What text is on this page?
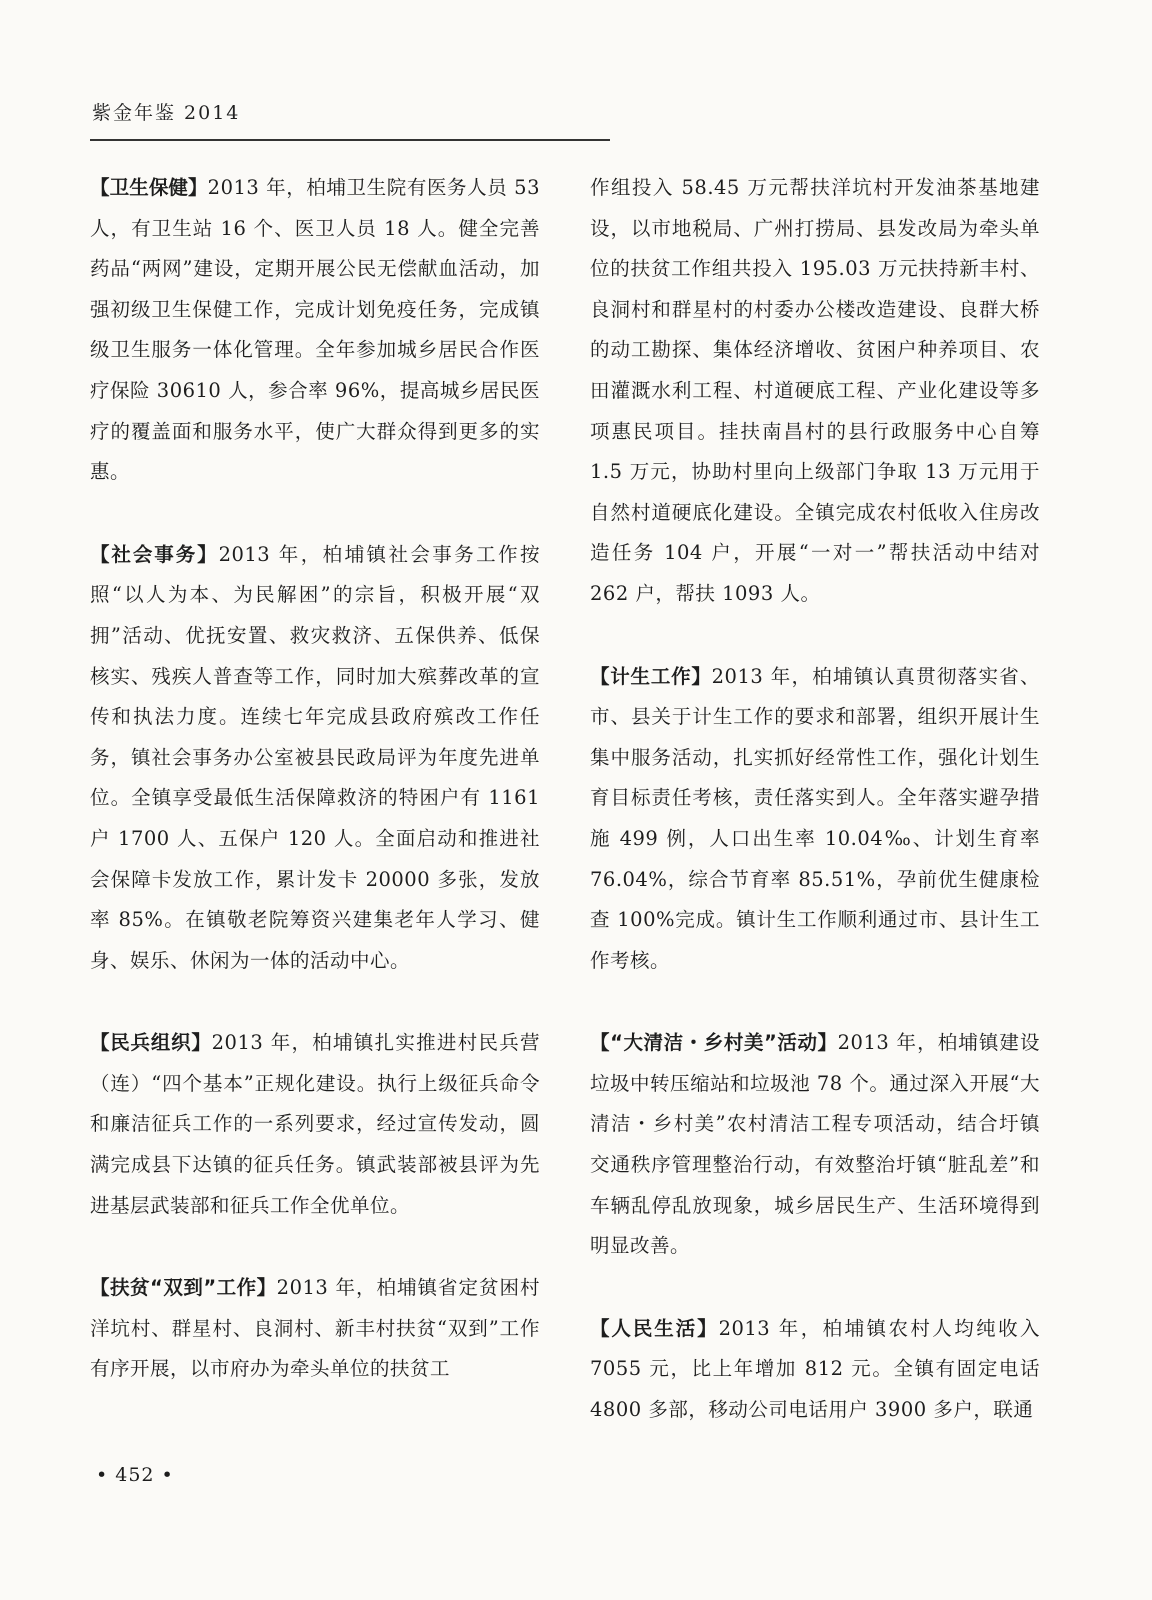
紫金年鉴 2014

【卫生保健】2013 年，柏埔卫生院有医务人员 53 人，有卫生站 16 个、医卫人员 18 人。健全完善药品“两网”建设，定期开展公民无偿献血活动，加强初级卫生保健工作，完成计划免疫任务，完成镇级卫生服务一体化管理。全年参加城乡居民合作医疗保险 30610 人，参合率 96%，提高城乡居民医疗的覆盖面和服务水平，使广大群众得到更多的实惠。

【社会事务】2013 年，柏埔镇社会事务工作按照“以人为本、为民解困”的宗旨，积极开展“双拥”活动、优抚安置、救灾救济、五保供养、低保核实、残疾人普查等工作，同时加大殡葬改革的宣传和执法力度。连续七年完成县政府殡改工作任务，镇社会事务办公室被县民政局评为年度先进单位。全镇享受最低生活保障救济的特困户有 1161 户 1700 人、五保户 120 人。全面启动和推进社会保障卡发放工作，累计发卡 20000 多张，发放率 85%。在镇敬老院筹资兴建集老年人学习、健身、娱乐、休闲为一体的活动中心。

【民兵组织】2013 年，柏埔镇扎实推进村民兵营（连）“四个基本”正规化建设。执行上级征兵命令和廉洁征兵工作的一系列要求，经过宣传发动，圆满完成县下达镇的征兵任务。镇武装部被县评为先进基层武装部和征兵工作全优单位。

【扶贫“双到”工作】2013 年，柏埔镇省定贫困村洋坑村、群星村、良洞村、新丰村扶贫“双到”工作有序开展，以市府办为牵头单位的扶贫工

作组投入 58.45 万元帮扶洋坑村开发油茶基地建设，以市地税局、广州打捞局、县发改局为牵头单位的扶贫工作组共投入 195.03 万元扶持新丰村、良洞村和群星村的村委办公楼改造建设、良群大桥的动工勘探、集体经济增收、贫困户种养项目、农田灌溉水利工程、村道硬底工程、产业化建设等多项惠民项目。挂扶南昌村的县行政服务中心自筹 1.5 万元，协助村里向上级部门争取 13 万元用于自然村道硬底化建设。全镇完成农村低收入住房改造任务 104 户，开展“一对一”帮扶活动中结对 262 户，帮扶 1093 人。

【计生工作】2013 年，柏埔镇认真贯彻落实省、市、县关于计生工作的要求和部署，组织开展计生集中服务活动，扎实抓好经常性工作，强化计划生育目标责任考核，责任落实到人。全年落实避孕措施 499 例，人口出生率 10.04‰、计划生育率 76.04%，综合节育率 85.51%，孕前优生健康检查 100%完成。镇计生工作顺利通过市、县计生工作考核。

【“大清洁・乡村美”活动】2013 年，柏埔镇建设垃圾中转压缩站和垃圾池 78 个。通过深入开展“大清洁・乡村美”农村清洁工程专项活动，结合圩镇交通秩序管理整治行动，有效整治圩镇“脏乱差”和车辆乱停乱放现象，城乡居民生产、生活环境得到明显改善。

【人民生活】2013 年，柏埔镇农村人均纯收入 7055 元，比上年增加 812 元。全镇有固定电话 4800 多部，移动公司电话用户 3900 多户，联通

• 452 •
